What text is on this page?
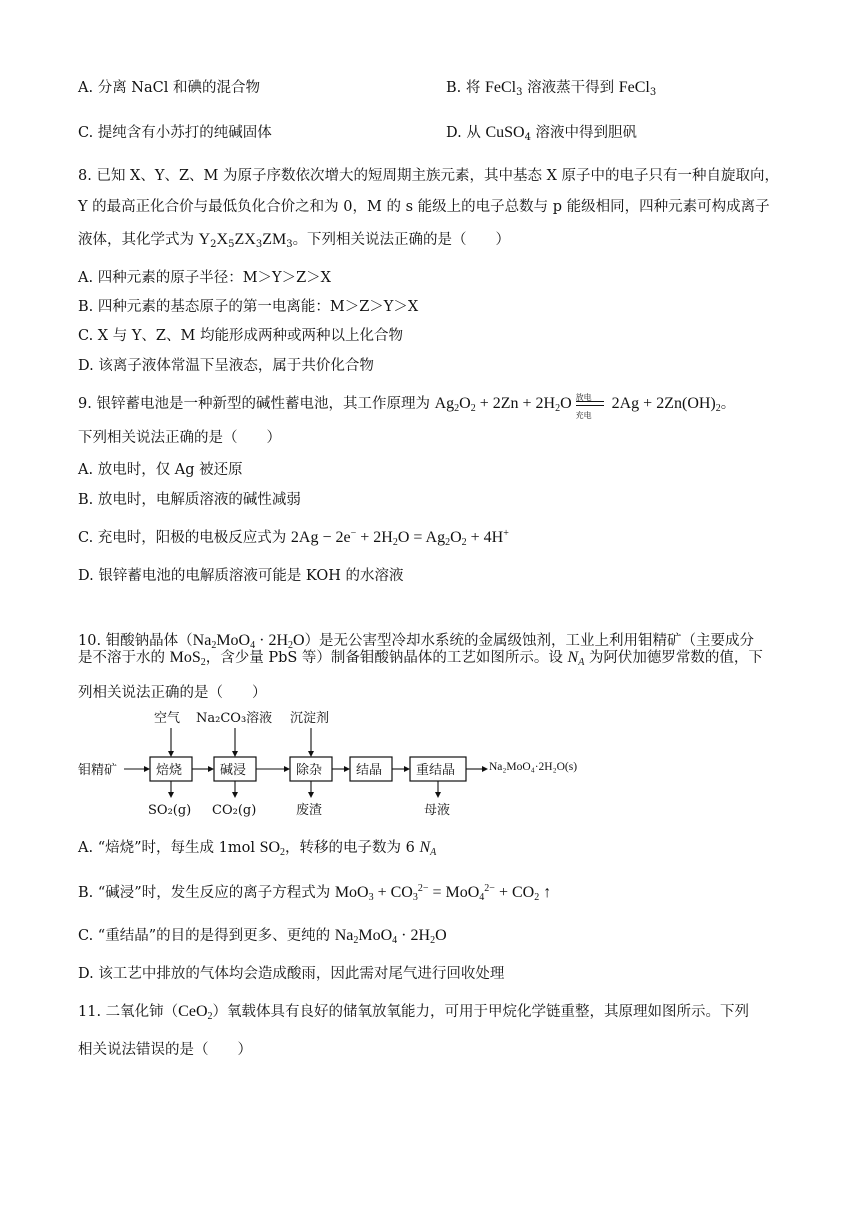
A. 分离 NaCl 和碘的混合物	B. 将 FeCl$_3$ 溶液蒸干得到 FeCl$_3$
C. 提纯含有小苏打的纯碱固体	D. 从 CuSO$_4$ 溶液中得到胆矾
8. 已知 X、Y、Z、M 为原子序数依次增大的短周期主族元素，其中基态 X 原子中的电子只有一种自旋取向，
Y 的最高正化合价与最低负化合价之和为 0，M 的 s 能级上的电子总数与 p 能级相同，四种元素可构成离子
液体，其化学式为 $Y_2X_5ZX_3ZM_3$。下列相关说法正确的是（　　）
A. 四种元素的原子半径：M＞Y＞Z＞X
B. 四种元素的基态原子的第一电离能：M＞Z＞Y＞X
C. X 与 Y、Z、M 均能形成两种或两种以上化合物
D. 该离子液体常温下呈液态，属于共价化合物
9. 银锌蓄电池是一种新型的碱性蓄电池，其工作原理为 $Ag_2O_2 + 2Zn + 2H_2O$ 放电
充电
$2Ag + 2Zn(OH)_2$。
下列相关说法正确的是（　　）
A. 放电时，仅 Ag 被还原
B. 放电时，电解质溶液的碱性减弱
C. 充电时，阳极的电极反应式为 $2Ag - 2e^- + 2H_2O = Ag_2O_2 + 4H^+$
D. 银锌蓄电池的电解质溶液可能是 KOH 的水溶液
10. 钼酸钠晶体$(Na_2MoO_4 \cdot 2H_2O)$是无公害型冷却水系统的金属级蚀剂，工业上利用钼精矿（主要成分
是不溶于水的 MoS$_2$，含少量 PbS 等）制备钼酸钠晶体的工艺如图所示。设 $N_A$ 为阿伏加德罗常数的值，下
列相关说法正确的是（　　）
钼精矿	焙烧
空气
SO₂(g)
碱浸
Na₂CO₃溶液
CO₂(g)
除杂
沉淀剂
废渣
结晶	重结晶
母液
Na₂MoO₄·2H₂O(s)
A. “焙烧”时，每生成 1mol $SO_2$，转移的电子数为 6 $N_A$
B. “碱浸”时，发生反应的离子方程式为 $MoO_3 + CO_3^{2-} = MoO_4^{2-} + CO_2$ ↑
C. “重结晶”的目的是得到更多、更纯的 $Na_2MoO_4 \cdot 2H_2O$
D. 该工艺中排放的气体均会造成酸雨，因此需对尾气进行回收处理
11. 二氧化铈（CeO$_2$）氧载体具有良好的储氧放氧能力，可用于甲烷化学链重整，其原理如图所示。下列
相关说法错误的是（　　）
